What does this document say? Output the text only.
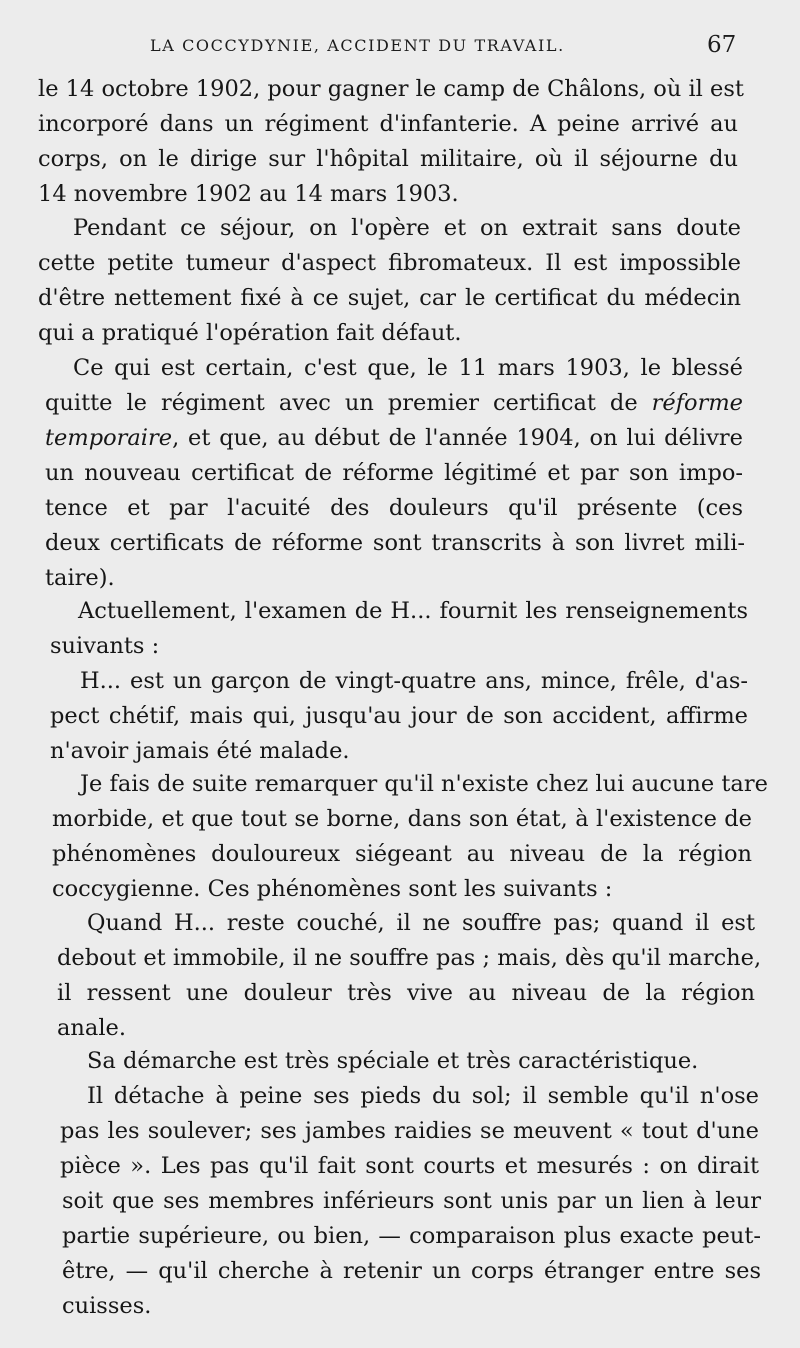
LA COCCYDYNIE, ACCIDENT DU TRAVAIL.	67
le 14 octobre 1902, pour gagner le camp de Châlons, où il est
incorporé dans un régiment d'infanterie. A peine arrivé au
corps, on le dirige sur l'hôpital militaire, où il séjourne du
14 novembre 1902 au 14 mars 1903.
Pendant ce séjour, on l'opère et on extrait sans doute
cette petite tumeur d'aspect fibromateux. Il est impossible
d'être nettement fixé à ce sujet, car le certificat du médecin
qui a pratiqué l'opération fait défaut.
Ce qui est certain, c'est que, le 11 mars 1903, le blessé
quitte le régiment avec un premier certificat de réforme
temporaire, et que, au début de l'année 1904, on lui délivre
un nouveau certificat de réforme légitimé et par son impo-
tence et par l'acuité des douleurs qu'il présente (ces
deux certificats de réforme sont transcrits à son livret mili-
taire).
Actuellement, l'examen de H... fournit les renseignements
suivants :
H... est un garçon de vingt-quatre ans, mince, frêle, d'as-
pect chétif, mais qui, jusqu'au jour de son accident, affirme
n'avoir jamais été malade.
Je fais de suite remarquer qu'il n'existe chez lui aucune tare
morbide, et que tout se borne, dans son état, à l'existence de
phénomènes douloureux siégeant au niveau de la région
coccygienne. Ces phénomènes sont les suivants :
Quand H... reste couché, il ne souffre pas; quand il est
debout et immobile, il ne souffre pas ; mais, dès qu'il marche,
il ressent une douleur très vive au niveau de la région
anale.
Sa démarche est très spéciale et très caractéristique.
Il détache à peine ses pieds du sol; il semble qu'il n'ose
pas les soulever; ses jambes raidies se meuvent « tout d'une
pièce ». Les pas qu'il fait sont courts et mesurés : on dirait
soit que ses membres inférieurs sont unis par un lien à leur
partie supérieure, ou bien, — comparaison plus exacte peut-
être, — qu'il cherche à retenir un corps étranger entre ses
cuisses.
